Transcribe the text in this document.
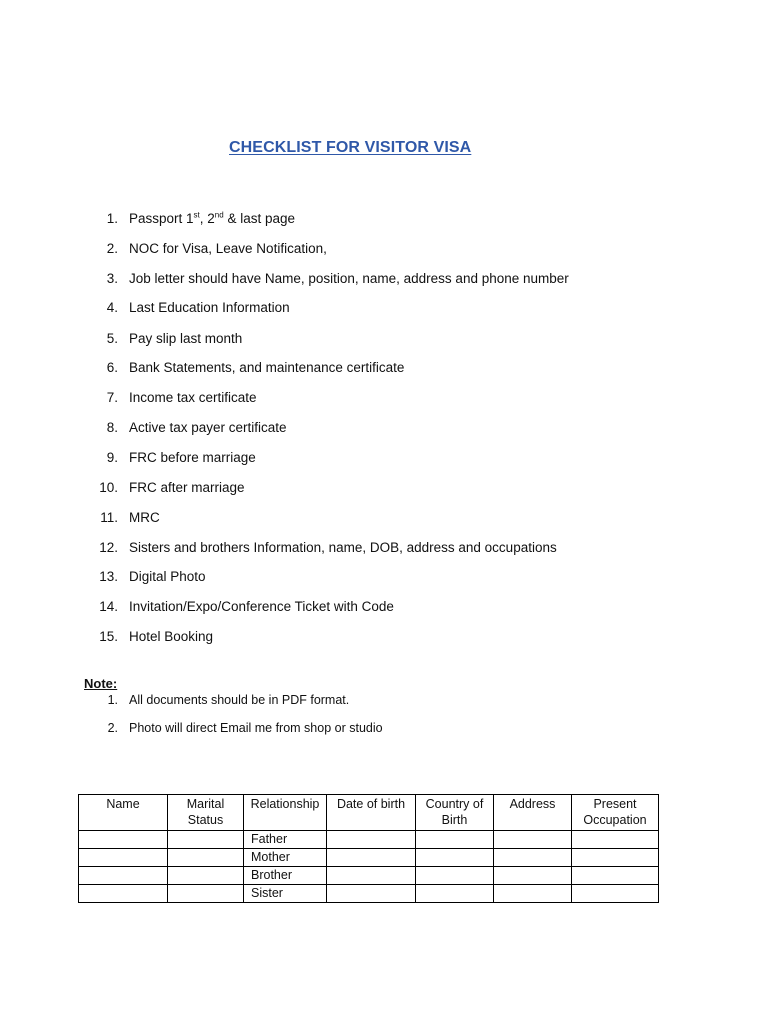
CHECKLIST FOR VISITOR VISA
1. Passport 1st, 2nd & last page
2. NOC for Visa, Leave Notification,
3. Job letter should have Name, position, name, address and phone number
4. Last Education Information
5. Pay slip last month
6. Bank Statements, and maintenance certificate
7. Income tax certificate
8. Active tax payer certificate
9. FRC before marriage
10. FRC after marriage
11. MRC
12. Sisters and brothers Information, name, DOB, address and occupations
13. Digital Photo
14. Invitation/Expo/Conference Ticket with Code
15. Hotel Booking
Note:
1. All documents should be in PDF format.
2. Photo will direct Email me from shop or studio
Name	Marital Status	Relationship	Date of birth	Country of Birth	Address	Present Occupation
		Father				
		Mother				
		Brother				
		Sister				
